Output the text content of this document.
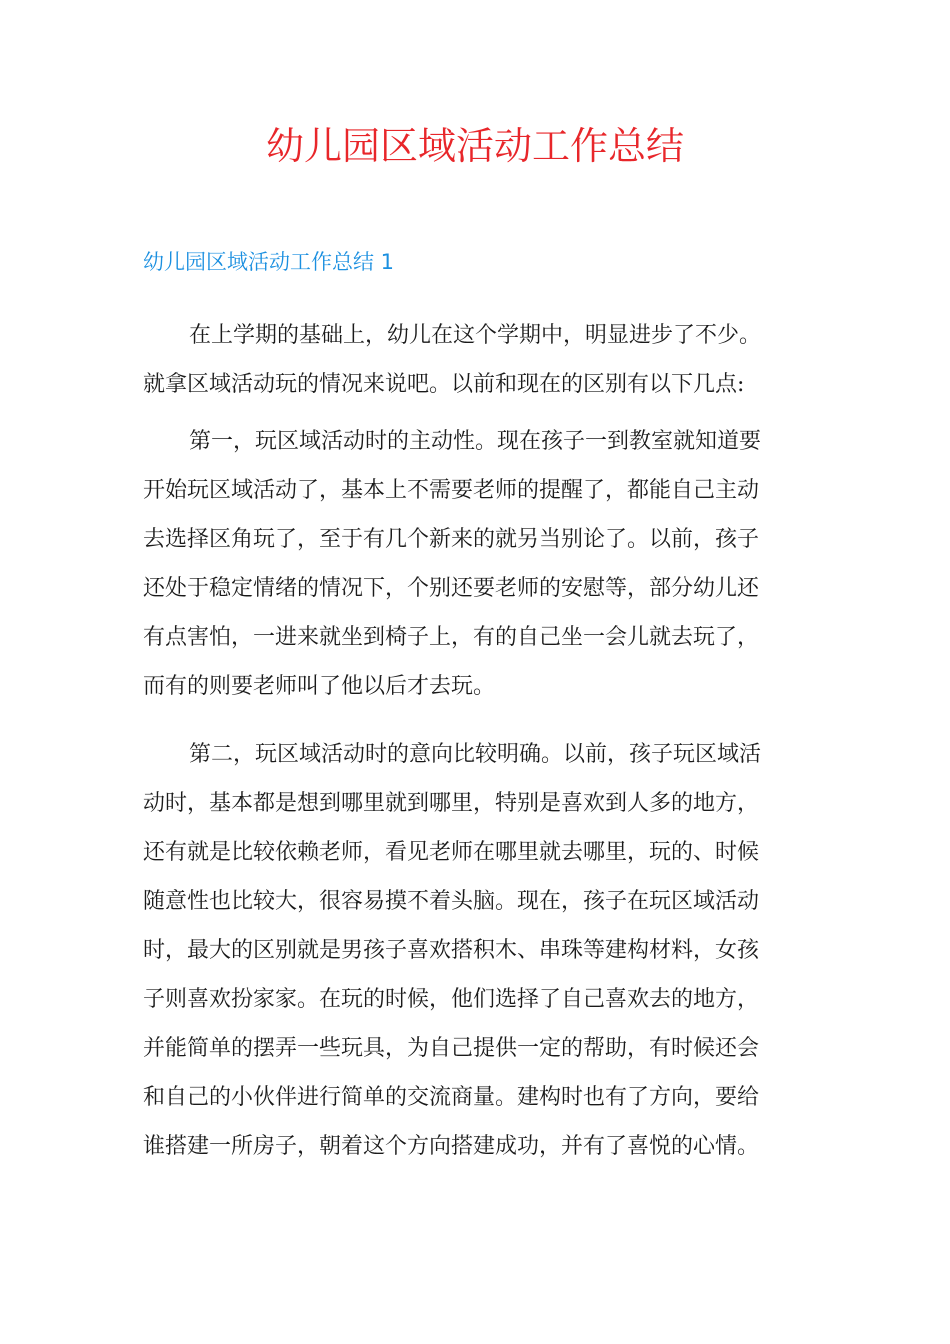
幼儿园区域活动工作总结
幼儿园区域活动工作总结 1

在上学期的基础上，幼儿在这个学期中，明显进步了不少。
就拿区域活动玩的情况来说吧。以前和现在的区别有以下几点:

第一，玩区域活动时的主动性。现在孩子一到教室就知道要
开始玩区域活动了，基本上不需要老师的提醒了，都能自己主动
去选择区角玩了，至于有几个新来的就另当别论了。以前，孩子
还处于稳定情绪的情况下，个别还要老师的安慰等，部分幼儿还
有点害怕，一进来就坐到椅子上，有的自己坐一会儿就去玩了，
而有的则要老师叫了他以后才去玩。

第二，玩区域活动时的意向比较明确。以前，孩子玩区域活
动时，基本都是想到哪里就到哪里，特别是喜欢到人多的地方，
还有就是比较依赖老师，看见老师在哪里就去哪里，玩的、时候
随意性也比较大，很容易摸不着头脑。现在，孩子在玩区域活动
时，最大的区别就是男孩子喜欢搭积木、串珠等建构材料，女孩
子则喜欢扮家家。在玩的时候，他们选择了自己喜欢去的地方，
并能简单的摆弄一些玩具，为自己提供一定的帮助，有时候还会
和自己的小伙伴进行简单的交流商量。建构时也有了方向，要给
谁搭建一所房子，朝着这个方向搭建成功，并有了喜悦的心情。
